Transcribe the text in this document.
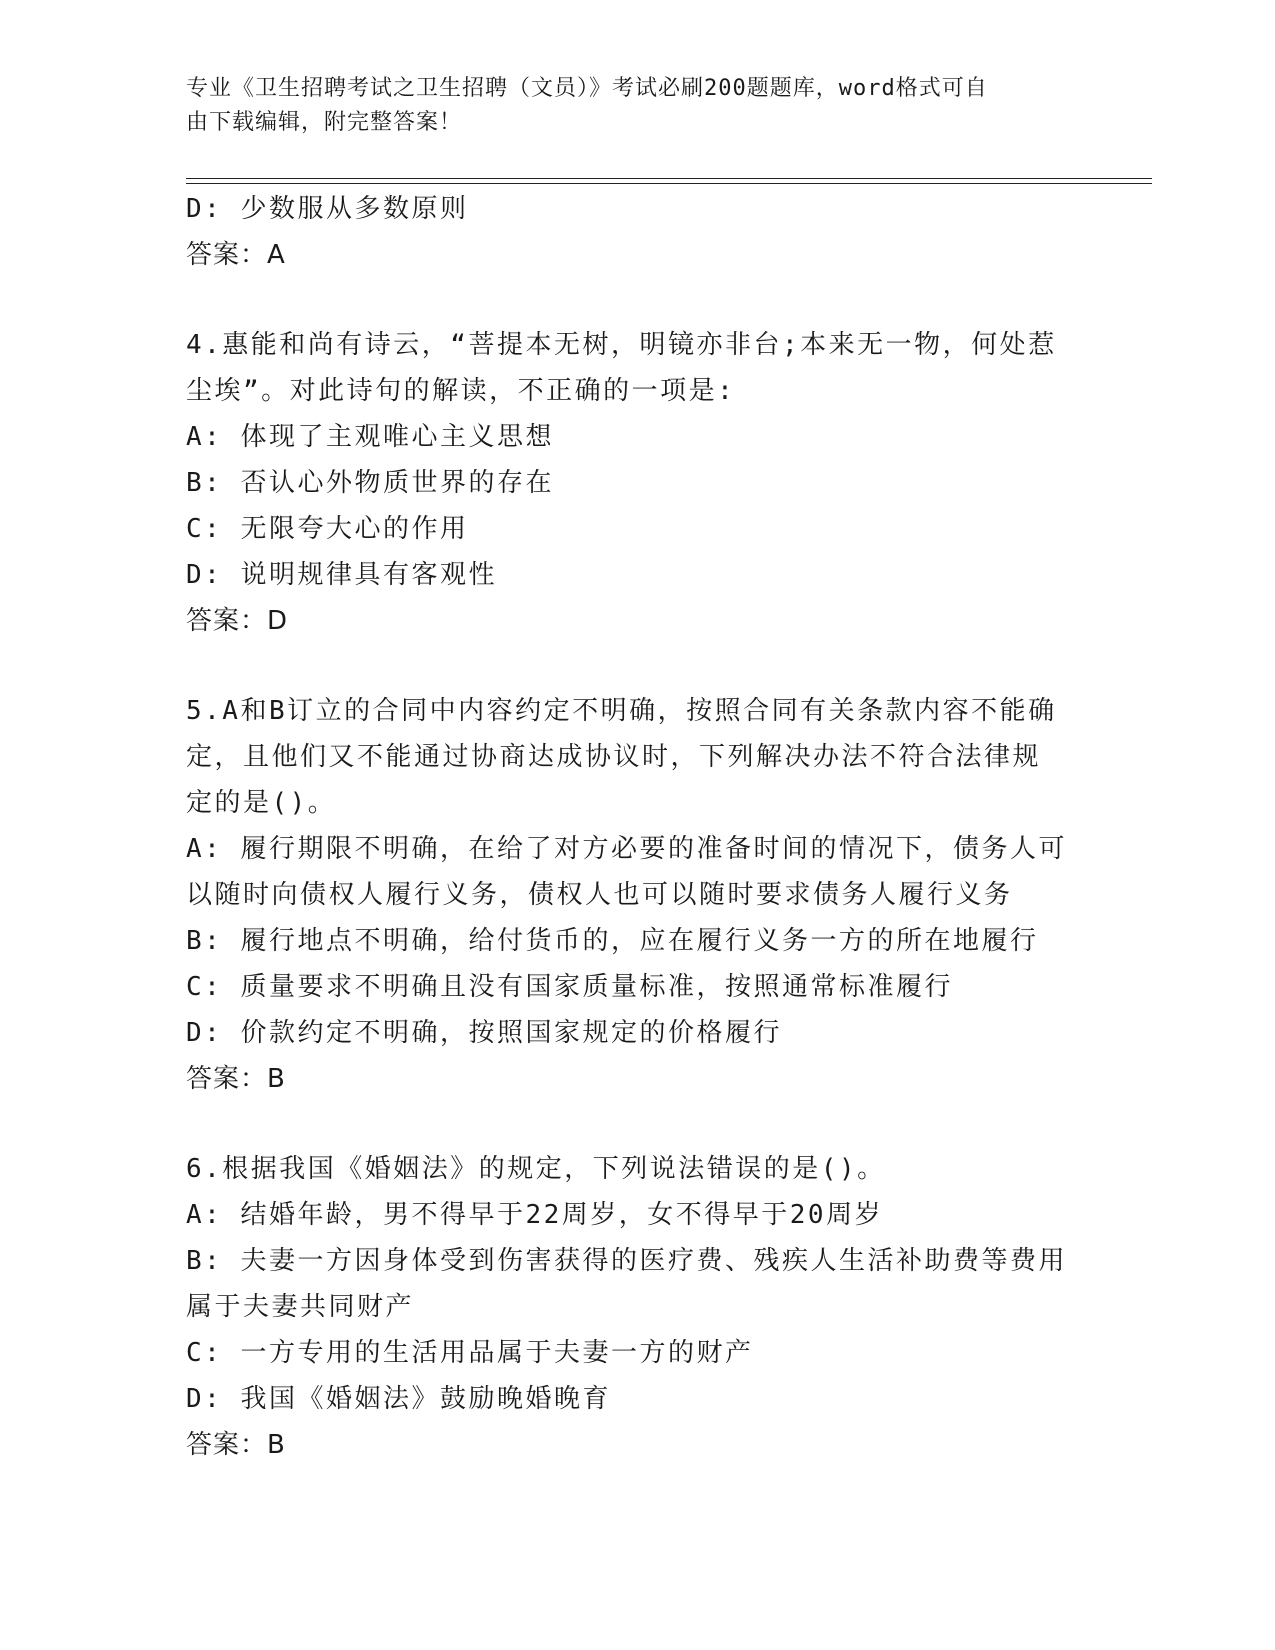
专业《卫生招聘考试之卫生招聘（文员）》考试必刷200题题库，word格式可自
由下载编辑，附完整答案！
D: 少数服从多数原则
答案：A
4.惠能和尚有诗云，“菩提本无树，明镜亦非台;本来无一物，何处惹
尘埃”。对此诗句的解读，不正确的一项是:
A: 体现了主观唯心主义思想
B: 否认心外物质世界的存在
C: 无限夸大心的作用
D: 说明规律具有客观性
答案：D
5.A和B订立的合同中内容约定不明确，按照合同有关条款内容不能确
定，且他们又不能通过协商达成协议时，下列解决办法不符合法律规
定的是()。
A: 履行期限不明确，在给了对方必要的准备时间的情况下，债务人可
以随时向债权人履行义务，债权人也可以随时要求债务人履行义务
B: 履行地点不明确，给付货币的，应在履行义务一方的所在地履行
C: 质量要求不明确且没有国家质量标准，按照通常标准履行
D: 价款约定不明确，按照国家规定的价格履行
答案：B
6.根据我国《婚姻法》的规定，下列说法错误的是()。
A: 结婚年龄，男不得早于22周岁，女不得早于20周岁
B: 夫妻一方因身体受到伤害获得的医疗费、残疾人生活补助费等费用
属于夫妻共同财产
C: 一方专用的生活用品属于夫妻一方的财产
D: 我国《婚姻法》鼓励晚婚晚育
答案：B
